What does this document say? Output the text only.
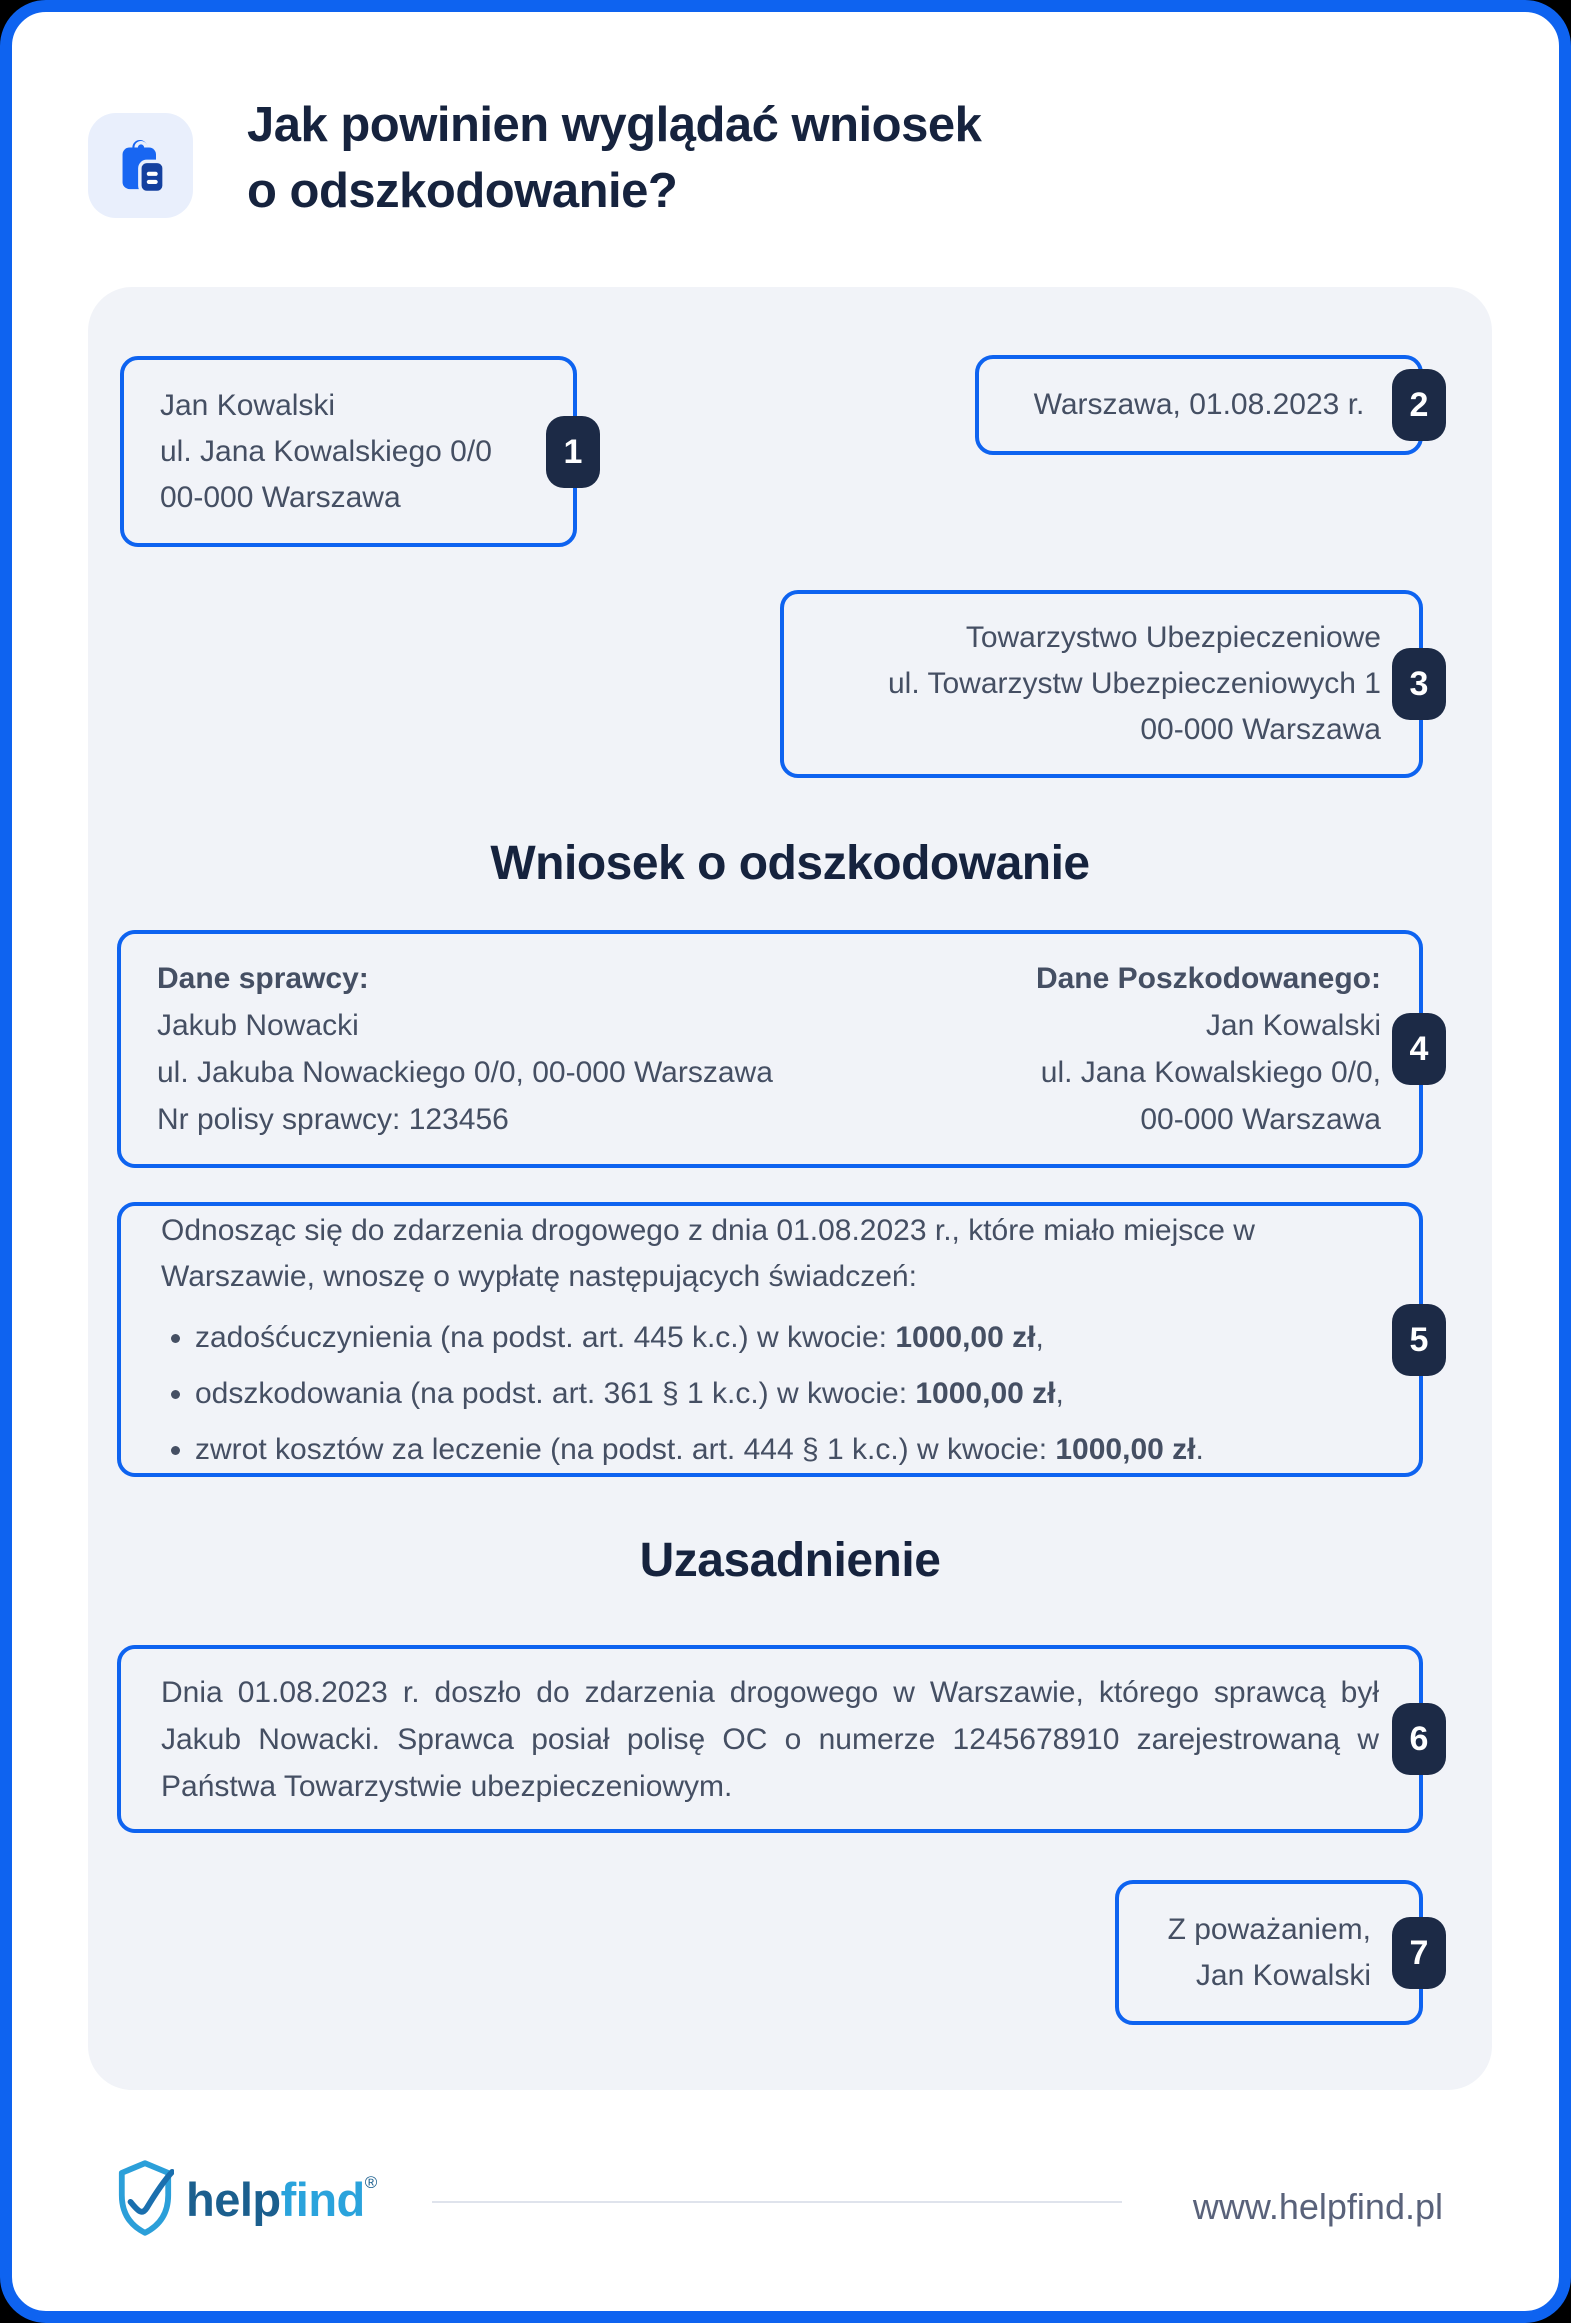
Jak powinien wyglądać wniosek
o odszkodowanie?
Jan Kowalski
ul. Jana Kowalskiego 0/0
00-000 Warszawa
1
Warszawa, 01.08.2023 r.	2
Towarzystwo Ubezpieczeniowe
ul. Towarzystw Ubezpieczeniowych 1
00-000 Warszawa
3
Wniosek o odszkodowanie
Dane sprawcy:	Dane Poszkodowanego:
Jakub Nowacki	Jan Kowalski
ul. Jakuba Nowackiego 0/0, 00-000 Warszawa	ul. Jana Kowalskiego 0/0,
Nr polisy sprawcy: 123456	00-000 Warszawa
4
Odnosząc się do zdarzenia drogowego z dnia 01.08.2023 r., które miało miejsce w Warszawie, wnoszę o wypłatę następujących świadczeń:
• zadośćuczynienia (na podst. art. 445 k.c.) w kwocie: 1000,00 zł,
• odszkodowania (na podst. art. 361 § 1 k.c.) w kwocie: 1000,00 zł,
• zwrot kosztów za leczenie (na podst. art. 444 § 1 k.c.) w kwocie: 1000,00 zł.
5
Uzasadnienie

Dnia 01.08.2023 r. doszło do zdarzenia drogowego w Warszawie, którego sprawcą był Jakub Nowacki. Sprawca posiał polisę OC o numerze 1245678910 zarejestrowaną w Państwa Towarzystwie ubezpieczeniowym.

6
Z poważaniem,
Jan Kowalski
7
helpfind®
www.helpfind.pl
